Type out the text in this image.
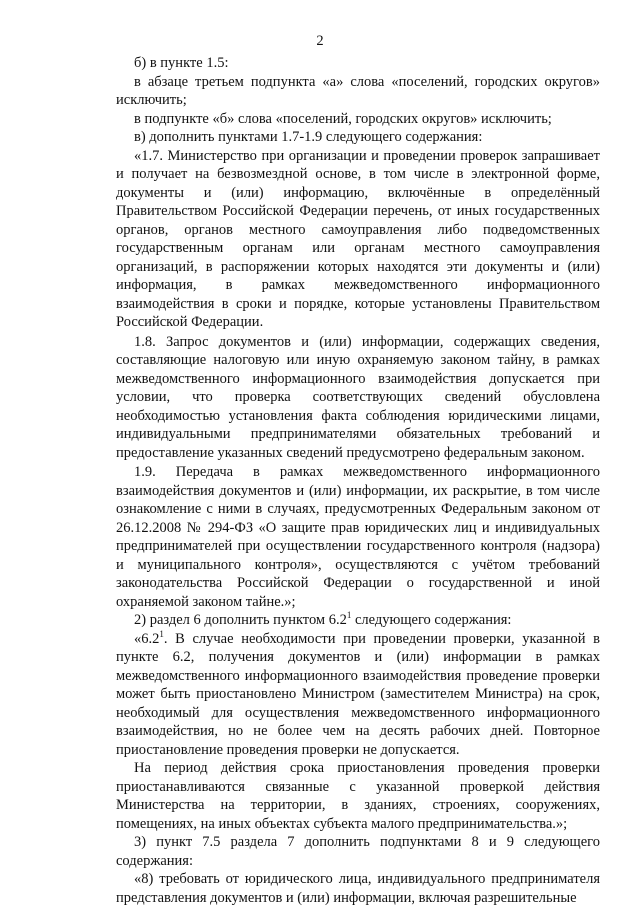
2

б) в пункте 1.5:

в абзаце третьем подпункта «а» слова «поселений, городских округов» исключить;

в подпункте «б» слова «поселений, городских округов» исключить;

в) дополнить пунктами 1.7-1.9 следующего содержания:

«1.7. Министерство при организации и проведении проверок запрашивает и получает на безвозмездной основе, в том числе в электронной форме, документы и (или) информацию, включённые в определённый Правительством Российской Федерации перечень, от иных государственных органов, органов местного самоуправления либо подведомственных государственным органам или органам местного самоуправления организаций, в распоряжении которых находятся эти документы и (или) информация, в рамках межведомственного информационного взаимодействия в сроки и порядке, которые установлены Правительством Российской Федерации.

1.8. Запрос документов и (или) информации, содержащих сведения, составляющие налоговую или иную охраняемую законом тайну, в рамках межведомственного информационного взаимодействия допускается при условии, что проверка соответствующих сведений обусловлена необходимостью установления факта соблюдения юридическими лицами, индивидуальными предпринимателями обязательных требований и предоставление указанных сведений предусмотрено федеральным законом.

1.9. Передача в рамках межведомственного информационного взаимодействия документов и (или) информации, их раскрытие, в том числе ознакомление с ними в случаях, предусмотренных Федеральным законом от 26.12.2008 № 294-ФЗ «О защите прав юридических лиц и индивидуальных предпринимателей при осуществлении государственного контроля (надзора) и муниципального контроля», осуществляются с учётом требований законодательства Российской Федерации о государственной и иной охраняемой законом тайне.»;

2) раздел 6 дополнить пунктом $6.2^1$ следующего содержания:

«$6.2^1$. В случае необходимости при проведении проверки, указанной в пункте 6.2, получения документов и (или) информации в рамках межведомственного информационного взаимодействия проведение проверки может быть приостановлено Министром (заместителем Министра) на срок, необходимый для осуществления межведомственного информационного взаимодействия, но не более чем на десять рабочих дней. Повторное приостановление проведения проверки не допускается.

На период действия срока приостановления проведения проверки приостанавливаются связанные с указанной проверкой действия Министерства на территории, в зданиях, строениях, сооружениях, помещениях, на иных объектах субъекта малого предпринимательства.»;

3) пункт 7.5 раздела 7 дополнить подпунктами 8 и 9 следующего содержания:

«8) требовать от юридического лица, индивидуального предпринимателя представления документов и (или) информации, включая разрешительные
